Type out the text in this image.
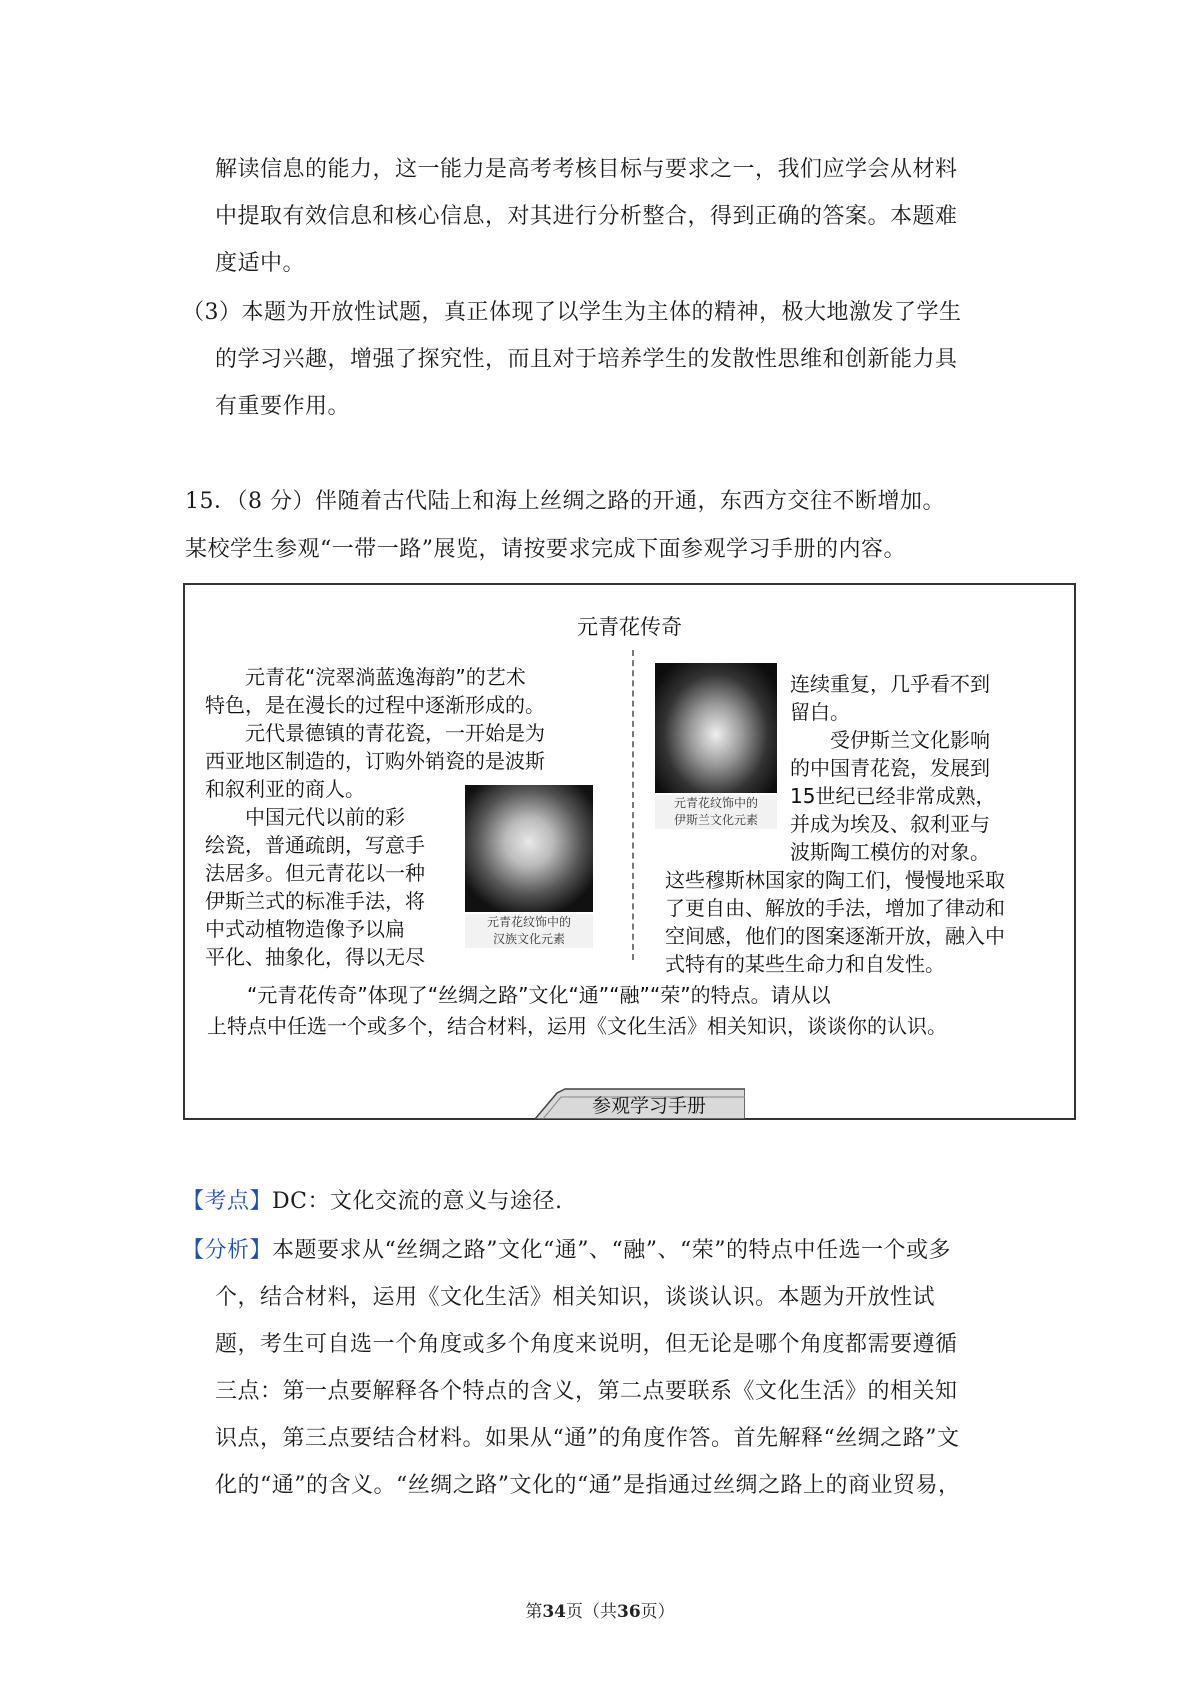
解读信息的能力，这一能力是高考考核目标与要求之一，我们应学会从材料
中提取有效信息和核心信息，对其进行分析整合，得到正确的答案。本题难
度适中。
（3）本题为开放性试题，真正体现了以学生为主体的精神，极大地激发了学生
的学习兴趣，增强了探究性，而且对于培养学生的发散性思维和创新能力具
有重要作用。
15．（8 分）伴随着古代陆上和海上丝绸之路的开通，东西方交往不断增加。
某校学生参观“一带一路”展览，请按要求完成下面参观学习手册的内容。
元青花传奇
元青花“浣翠淌蓝逸海韵”的艺术
特色，是在漫长的过程中逐渐形成的。
元代景德镇的青花瓷，一开始是为
西亚地区制造的，订购外销瓷的是波斯
和叙利亚的商人。
中国元代以前的彩
绘瓷，普通疏朗，写意手
法居多。但元青花以一种
伊斯兰式的标准手法，将
中式动植物造像予以扁
平化、抽象化，得以无尽
元青花纹饰中的
汉族文化元素
元青花纹饰中的
伊斯兰文化元素
连续重复，几乎看不到
留白。
受伊斯兰文化影响
的中国青花瓷，发展到
15世纪已经非常成熟，
并成为埃及、叙利亚与
波斯陶工模仿的对象。
这些穆斯林国家的陶工们，慢慢地采取
了更自由、解放的手法，增加了律动和
空间感，他们的图案逐渐开放，融入中
式特有的某些生命力和自发性。
“元青花传奇”体现了“丝绸之路”文化“通”“融”“荣”的特点。请从以
上特点中任选一个或多个，结合材料，运用《文化生活》相关知识，谈谈你的认识。
参观学习手册
【考点】DC：文化交流的意义与途径.
【分析】本题要求从“丝绸之路”文化“通”、“融”、“荣”的特点中任选一个或多
个，结合材料，运用《文化生活》相关知识，谈谈认识。本题为开放性试
题，考生可自选一个角度或多个角度来说明，但无论是哪个角度都需要遵循
三点：第一点要解释各个特点的含义，第二点要联系《文化生活》的相关知
识点，第三点要结合材料。如果从“通”的角度作答。首先解释“丝绸之路”文
化的“通”的含义。“丝绸之路”文化的“通”是指通过丝绸之路上的商业贸易，
第34页（共36页）
